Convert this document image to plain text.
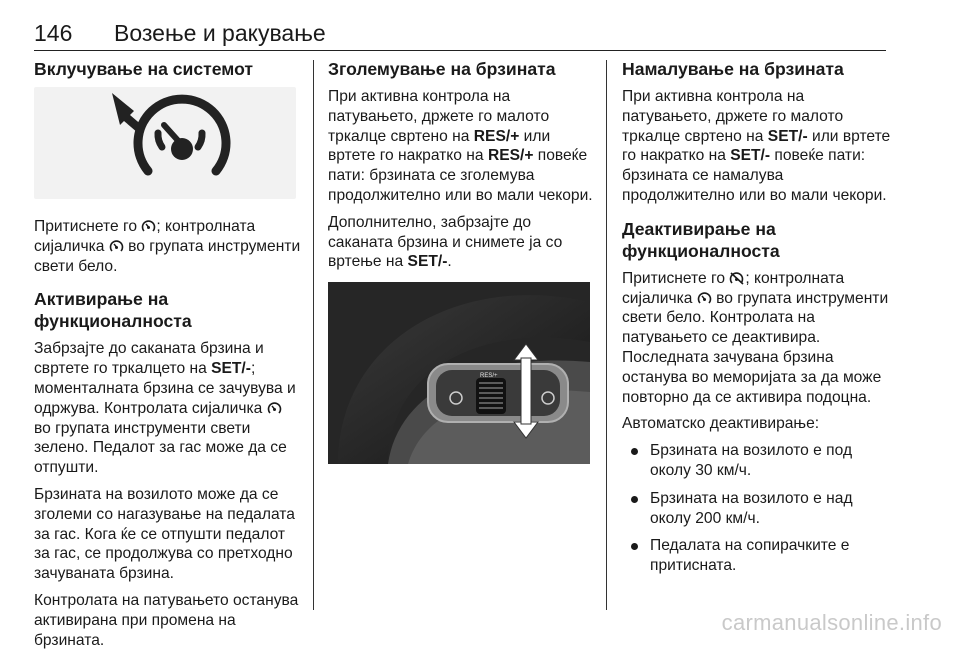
146 Возење и ракување
Вклучување на системот

Притиснете го ; контролната сијаличка  во групата инструменти свети бело.

Активирање на функционалноста

Забрзајте до саканата брзина и свртете го тркалцето на SET/-; моменталната брзина се зачувува и одржува. Контролата сијаличка  во групата инструменти свети зелено. Педалот за гас може да се отпушти.

Брзината на возилото може да се зголеми со нагазување на педалата за гас. Кога ќе се отпушти педалот за гас, се продолжува со претходно зачуваната брзина.

Контролата на патувањето останува активирана при промена на брзината.

Зголемување на брзината

При активна контрола на патувањето, држете го малото тркалце свртено на RES/+ или вртете го накратко на RES/+ повеќе пати: брзината се зголемува продолжително или во мали чекори.

Дополнително, забрзајте до саканата брзина и снимете ја со вртење на SET/-.

RES/+
Намалување на брзината

При активна контрола на патувањето, држете го малото тркалце свртено на SET/- или вртете го накратко на SET/- повеќе пати: брзината се намалува продолжително или во мали чекори.

Деактивирање на функционалноста

Притиснете го ; контролната сијаличка  во групата инструменти свети бело. Контролата на патувањето се деактивира. Последната зачувана брзина останува во меморијата за да може повторно да се активира подоцна.

Автоматско деактивирање:

Брзината на возилото е под околу 30 км/ч.
Брзината на возилото е над околу 200 км/ч.
Педалата на сопирачките е притисната.
carmanualsonline.info
